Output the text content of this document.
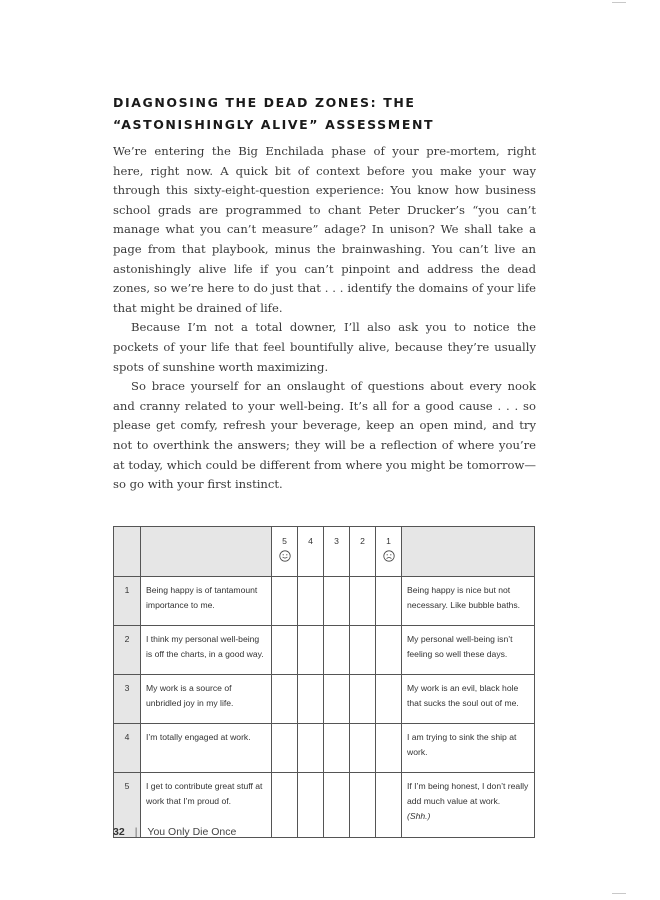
DIAGNOSING THE DEAD ZONES: THE “ASTONISHINGLY ALIVE” ASSESSMENT

We’re entering the Big Enchilada phase of your pre-mortem, right here, right now. A quick bit of context before you make your way through this sixty-eight-question experience: You know how business school grads are programmed to chant Peter Drucker’s “you can’t manage what you can’t measure” adage? In unison? We shall take a page from that playbook, minus the brainwashing. You can’t live an astonishingly alive life if you can’t pinpoint and address the dead zones, so we’re here to do just that . . . identify the domains of your life that might be drained of life.

Because I’m not a total downer, I’ll also ask you to notice the pockets of your life that feel bountifully alive, because they’re usually spots of sunshine worth maximizing.

So brace yourself for an onslaught of questions about every nook and cranny related to your well-being. It’s all for a good cause . . . so please get comfy, refresh your beverage, keep an open mind, and try not to overthink the answers; they will be a reflection of where you’re at today, which could be different from where you might be tomorrow—so go with your first instinct.

		5	4	3	2	1	

1	Being happy is of tantamount importance to me.						Being happy is nice but not necessary. Like bubble baths.
2	I think my personal well-being is off the charts, in a good way.						My personal well-being isn’t feeling so well these days.
3	My work is a source of unbridled joy in my life.						My work is an evil, black hole that sucks the soul out of me.
4	I’m totally engaged at work.						I am trying to sink the ship at work.
5	I get to contribute great stuff at work that I’m proud of.						If I’m being honest, I don’t really add much value at work.
(Shh.)
32 | You Only Die Once
